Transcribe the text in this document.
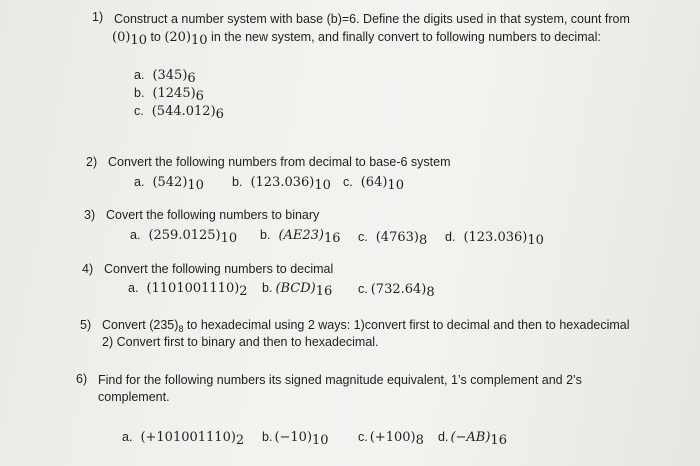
1) Construct a number system with base (b)=6. Define the digits used in that system, count from
$(0)_{10}$ to $(20)_{10}$ in the new system, and finally convert to following numbers to decimal:
a. $(345)_6$
b. $(1245)_6$
c. $(544.012)_6$
2) Convert the following numbers from decimal to base-6 system
a. $(542)_{10}$ b. $(123.036)_{10}$ c. $(64)_{10}$
3) Covert the following numbers to binary
a. $(259.0125)_{10}$ b. $(AE23)_{16}$ c. $(4763)_8$ d. $(123.036)_{10}$
4) Convert the following numbers to decimal
a. $(1101001110)_2$ b. $(BCD)_{16}$ c. $(732.64)_8$
5) Convert $(235)_8$ to hexadecimal using 2 ways: 1)convert first to decimal and then to hexadecimal
2) Convert first to binary and then to hexadecimal.
6) Find for the following numbers its signed magnitude equivalent, 1’s complement and 2’s
complement.
a. $(+101001110)_2$ b. $(-10)_{10}$ c. $(+100)_8$ d. $(-AB)_{16}$
